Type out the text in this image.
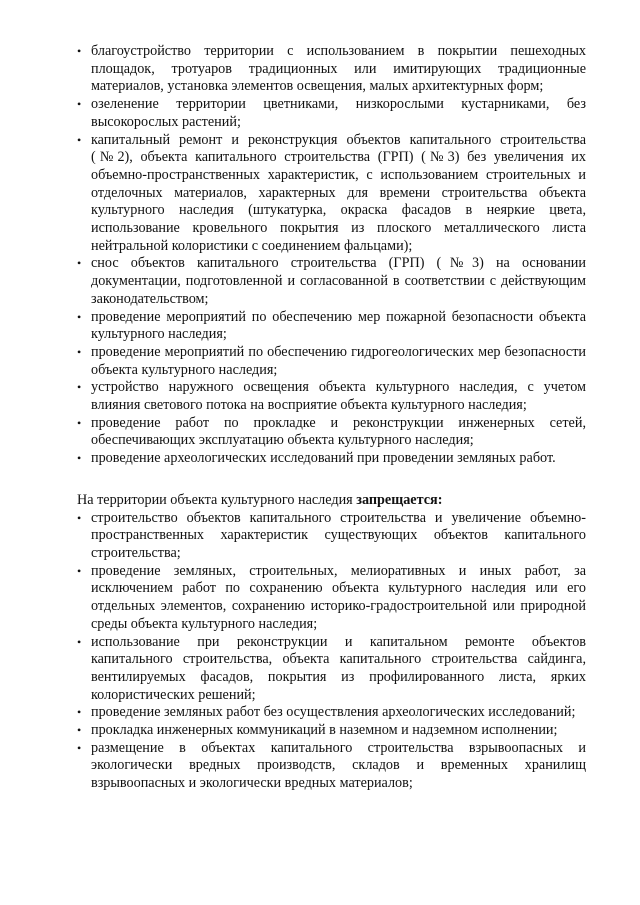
• благоустройство территории с использованием в покрытии пешеходных площадок, тротуаров традиционных или имитирующих традиционные материалов, установка элементов освещения, малых архитектурных форм;
• озеленение территории цветниками, низкорослыми кустарниками, без высокорослых растений;
• капитальный ремонт и реконструкция объектов капитального строительства (№2), объекта капитального строительства (ГРП) (№3) без увеличения их объемно-пространственных характеристик, с использованием строительных и отделочных материалов, характерных для времени строительства объекта культурного наследия (штукатурка, окраска фасадов в неяркие цвета, использование кровельного покрытия из плоского металлического листа нейтральной колористики с соединением фальцами);
• снос объектов капитального строительства (ГРП) (№3) на основании документации, подготовленной и согласованной в соответствии с действующим законодательством;
• проведение мероприятий по обеспечению мер пожарной безопасности объекта культурного наследия;
• проведение мероприятий по обеспечению гидрогеологических мер безопасности объекта культурного наследия;
• устройство наружного освещения объекта культурного наследия, с учетом влияния светового потока на восприятие объекта культурного наследия;
• проведение работ по прокладке и реконструкции инженерных сетей, обеспечивающих эксплуатацию объекта культурного наследия;
• проведение археологических исследований при проведении земляных работ.

На территории объекта культурного наследия запрещается:

• строительство объектов капитального строительства и увеличение объемно-пространственных характеристик существующих объектов капитального строительства;
• проведение земляных, строительных, мелиоративных и иных работ, за исключением работ по сохранению объекта культурного наследия или его отдельных элементов, сохранению историко-градостроительной или природной среды объекта культурного наследия;
• использование при реконструкции и капитальном ремонте объектов капитального строительства, объекта капитального строительства сайдинга, вентилируемых фасадов, покрытия из профилированного листа, ярких колористических решений;
• проведение земляных работ без осуществления археологических исследований;
• прокладка инженерных коммуникаций в наземном и надземном исполнении;
• размещение в объектах капитального строительства взрывоопасных и экологически вредных производств, складов и временных хранилищ взрывоопасных и экологически вредных материалов;
